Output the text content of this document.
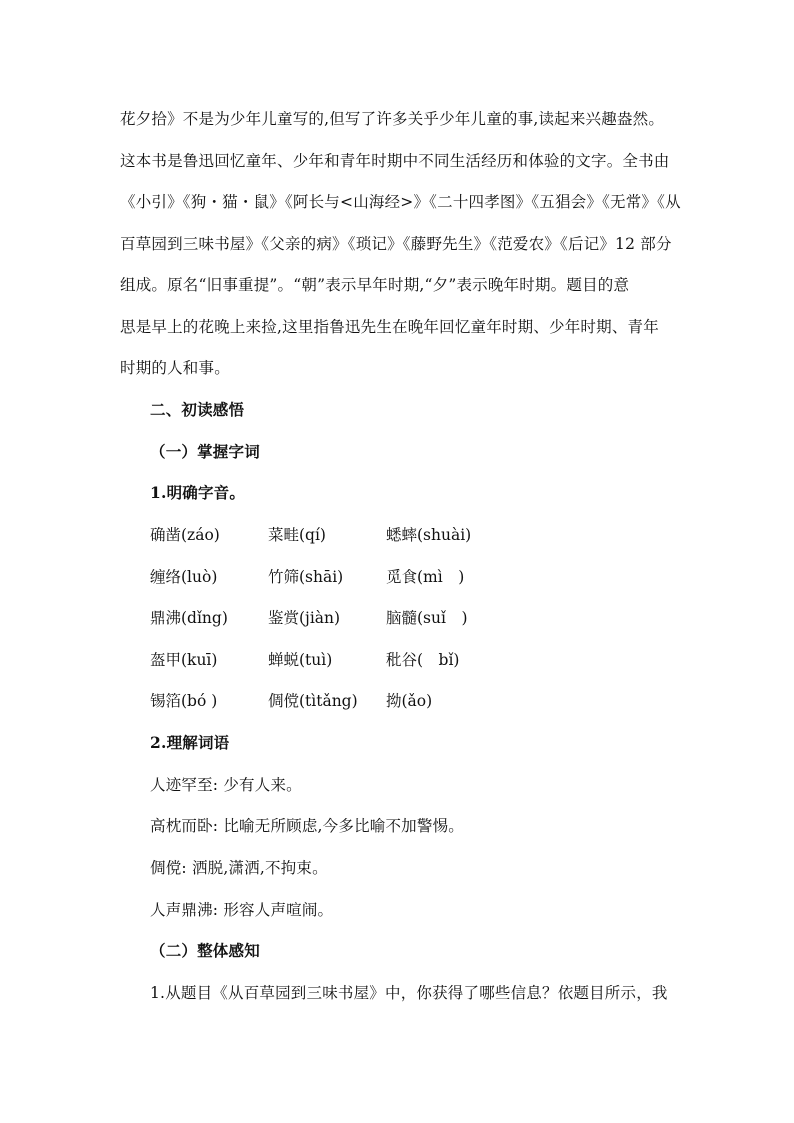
花夕拾》不是为少年儿童写的,但写了许多关乎少年儿童的事,读起来兴趣盎然。
这本书是鲁迅回忆童年、少年和青年时期中不同生活经历和体验的文字。全书由
《小引》《狗・猫・鼠》《阿长与<山海经>》《二十四孝图》《五猖会》《无常》《从
百草园到三味书屋》《父亲的病》《琐记》《藤野先生》《范爱农》《后记》12 部分
组成。原名“旧事重提”。“朝”表示早年时期,“夕”表示晚年时期。题目的意
思是早上的花晚上来捡,这里指鲁迅先生在晚年回忆童年时期、少年时期、青年
时期的人和事。
二、初读感悟
（一）掌握字词
1.明确字音。
确凿(záo)	菜畦(qí)	蟋蟀(shuài)
缠络(luò)	竹筛(shāi)	觅食(mì　)
鼎沸(dǐng)	鉴赏(jiàn)	脑髓(suǐ　)
盔甲(kuī)	蝉蜕(tuì)	秕谷(　bǐ)
锡箔(bó )	倜傥(tìtǎng) 拗(ǎo)
2.理解词语
人迹罕至: 少有人来。
高枕而卧: 比喻无所顾虑,今多比喻不加警惕。
倜傥: 洒脱,潇洒,不拘束。
人声鼎沸: 形容人声喧闹。
（二）整体感知
1.从题目《从百草园到三味书屋》中，你获得了哪些信息？依题目所示，我
